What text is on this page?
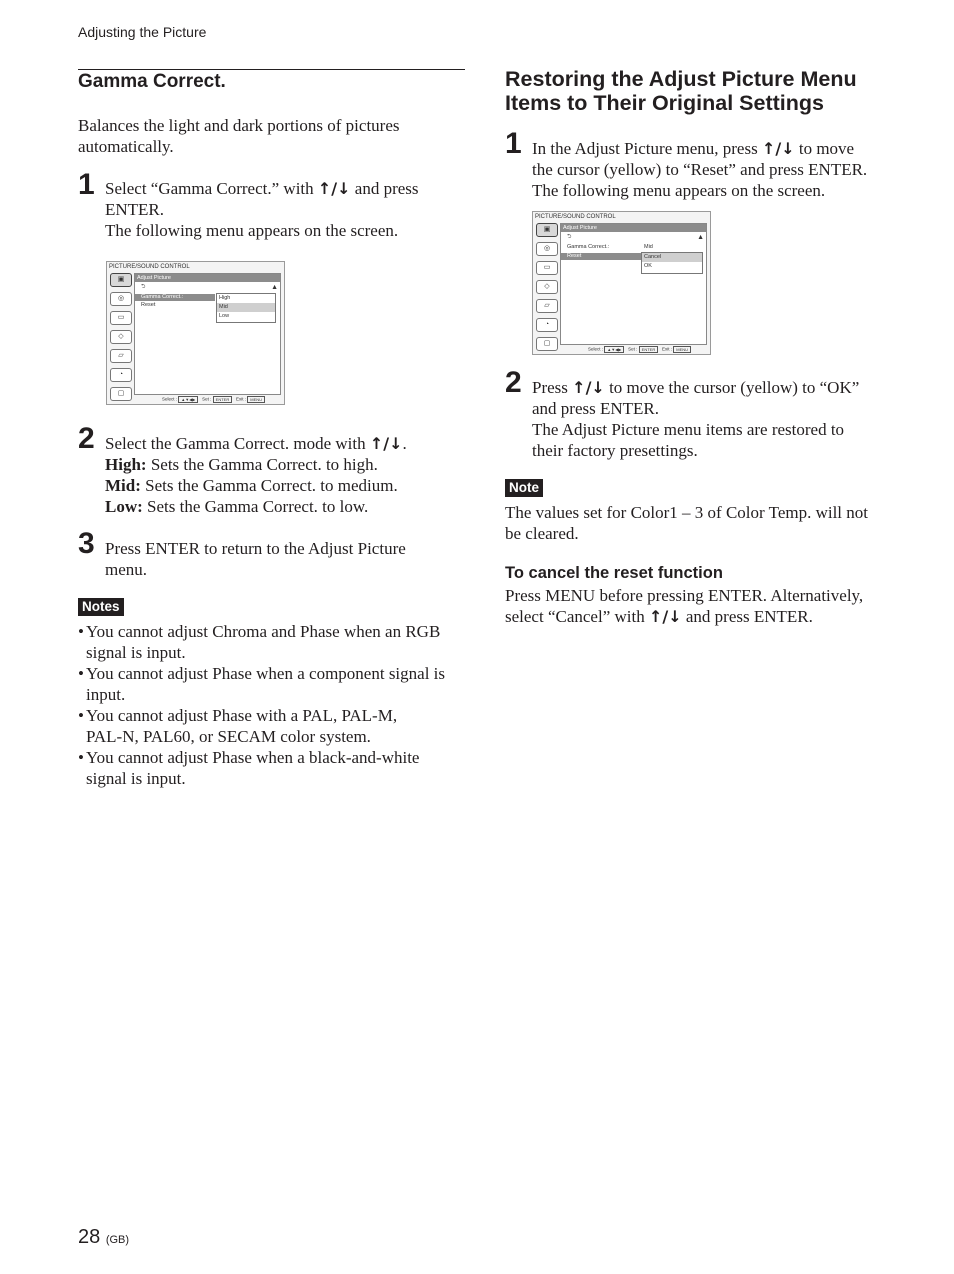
Adjusting the Picture
Gamma Correct.

Balances the light and dark portions of pictures

automatically.

1 Select “Gamma Correct.” with ↑/↓ and press

ENTER.

The following menu appears on the screen.

PICTURE/SOUND CONTROL
▣
◎
▭
◇
▱
◔
▢
Adjust Picture
⮌	▲
Gamma Correct.:
Reset
High
Mid
Low
Select : ▲▼◀▶ Set : ENTER Exit : MENU
2 Select the Gamma Correct. mode with ↑/↓.

High: Sets the Gamma Correct. to high.

Mid: Sets the Gamma Correct. to medium.

Low: Sets the Gamma Correct. to low.

3 Press ENTER to return to the Adjust Picture

menu.

Notes
• You cannot adjust Chroma and Phase when an RGB

signal is input.

• You cannot adjust Phase when a component signal is

input.

• You cannot adjust Phase with a PAL, PAL-M,

PAL-N, PAL60, or SECAM color system.

• You cannot adjust Phase when a black-and-white

signal is input.

Restoring the Adjust Picture Menu
Items to Their Original Settings
1 In the Adjust Picture menu, press ↑/↓ to move

the cursor (yellow) to “Reset” and press ENTER.

The following menu appears on the screen.

PICTURE/SOUND CONTROL
▣
◎
▭
◇
▱
◔
▢
Adjust Picture
⮌	▲
Gamma Correct.:	Mid
Reset	Cancel
OK
Select : ▲▼◀▶ Set : ENTER Exit : MENU
2 Press ↑/↓ to move the cursor (yellow) to “OK”

and press ENTER.

The Adjust Picture menu items are restored to

their factory presettings.

Note

The values set for Color1 – 3 of Color Temp. will not

be cleared.

To cancel the reset function

Press MENU before pressing ENTER. Alternatively,

select “Cancel” with ↑/↓ and press ENTER.

28 (GB)
